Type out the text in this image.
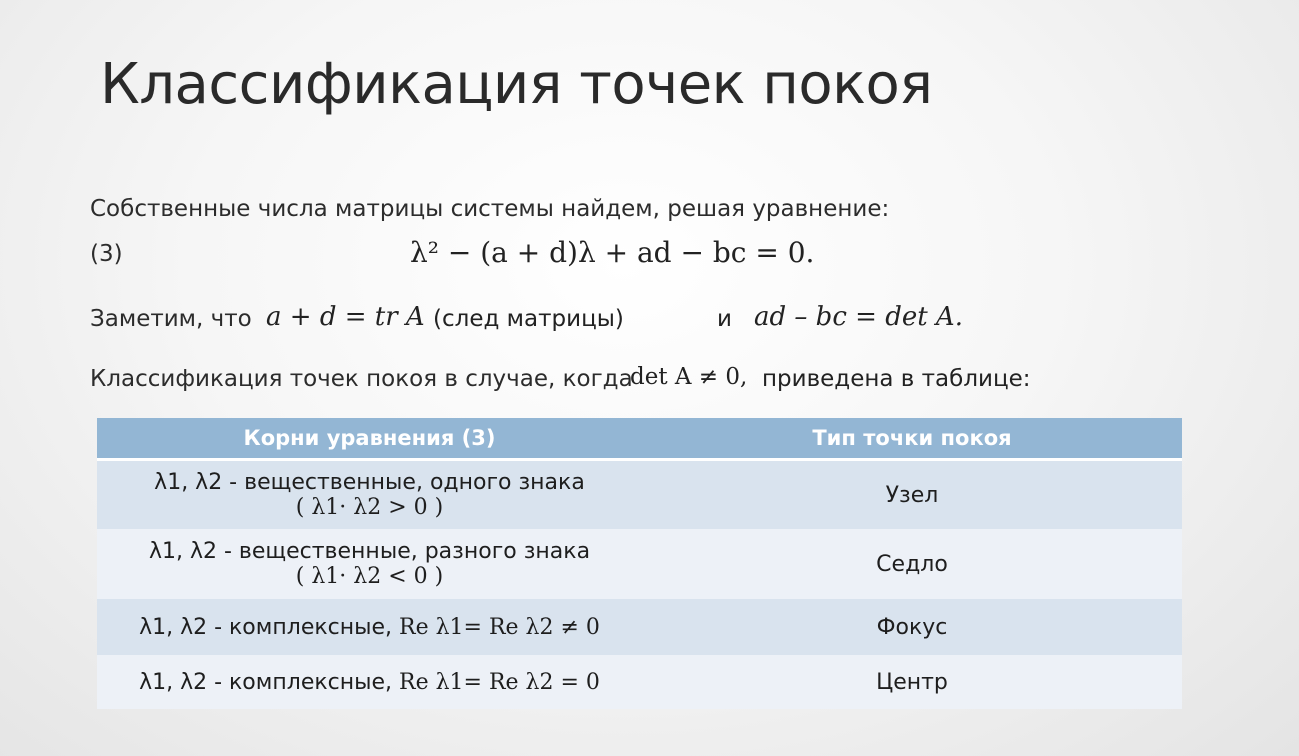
Классификация точек покоя
Собственные числа матрицы системы найдем, решая уравнение:
(3)	λ² − (a + d)λ + ad − bc = 0.
Заметим, что a + d = tr A (след матрицы)	и ad – bc = det A.
Классификация точек покоя в случае, когда
det A ≠ 0, приведена в таблице:
Корни уравнения (3)	Тип точки покоя

λ1, λ2 - вещественные, одного знака
( λ1· λ2 > 0 )	Узел

λ1, λ2 - вещественные, разного знака
( λ1· λ2 < 0 )	Седло
λ1, λ2 - комплексные, Re λ1= Re λ2 ≠ 0	Фокус
λ1, λ2 - комплексные, Re λ1= Re λ2 = 0	Центр
